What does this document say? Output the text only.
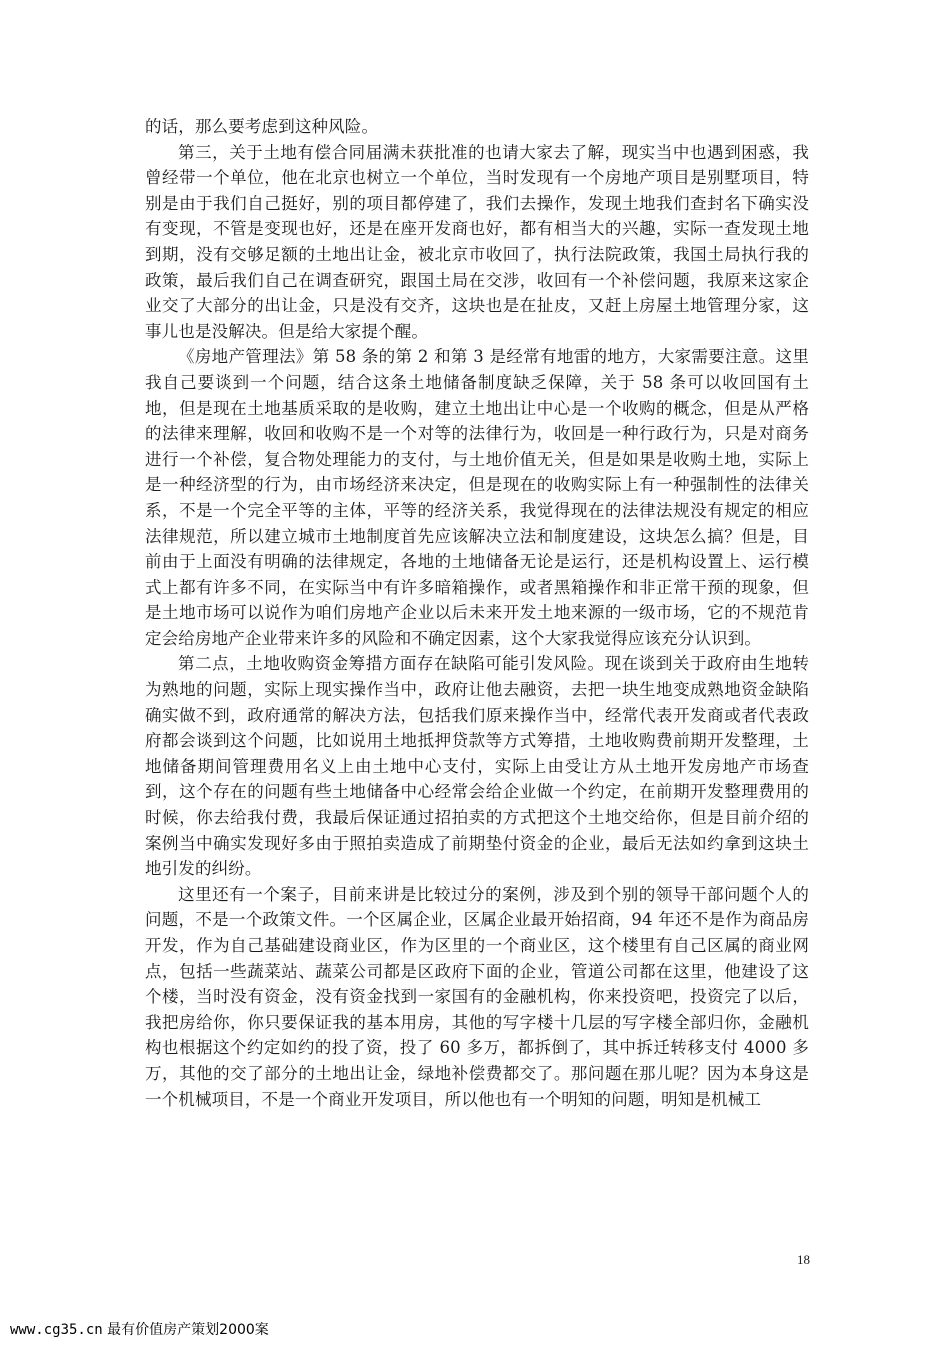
的话，那么要考虑到这种风险。

第三，关于土地有偿合同届满未获批准的也请大家去了解，现实当中也遇到困惑，我曾经带一个单位，他在北京也树立一个单位，当时发现有一个房地产项目是别墅项目，特别是由于我们自己挺好，别的项目都停建了，我们去操作，发现土地我们查封名下确实没有变现，不管是变现也好，还是在座开发商也好，都有相当大的兴趣，实际一查发现土地到期，没有交够足额的土地出让金，被北京市收回了，执行法院政策，我国土局执行我的政策，最后我们自己在调查研究，跟国土局在交涉，收回有一个补偿问题，我原来这家企业交了大部分的出让金，只是没有交齐，这块也是在扯皮，又赶上房屋土地管理分家，这事儿也是没解决。但是给大家提个醒。

《房地产管理法》第 58 条的第 2 和第 3 是经常有地雷的地方，大家需要注意。这里我自己要谈到一个问题，结合这条土地储备制度缺乏保障，关于 58 条可以收回国有土地，但是现在土地基质采取的是收购，建立土地出让中心是一个收购的概念，但是从严格的法律来理解，收回和收购不是一个对等的法律行为，收回是一种行政行为，只是对商务进行一个补偿，复合物处理能力的支付，与土地价值无关，但是如果是收购土地，实际上是一种经济型的行为，由市场经济来决定，但是现在的收购实际上有一种强制性的法律关系，不是一个完全平等的主体，平等的经济关系，我觉得现在的法律法规没有规定的相应法律规范，所以建立城市土地制度首先应该解决立法和制度建设，这块怎么搞？但是，目前由于上面没有明确的法律规定，各地的土地储备无论是运行，还是机构设置上、运行模式上都有许多不同，在实际当中有许多暗箱操作，或者黑箱操作和非正常干预的现象，但是土地市场可以说作为咱们房地产企业以后未来开发土地来源的一级市场，它的不规范肯定会给房地产企业带来许多的风险和不确定因素，这个大家我觉得应该充分认识到。

第二点，土地收购资金筹措方面存在缺陷可能引发风险。现在谈到关于政府由生地转为熟地的问题，实际上现实操作当中，政府让他去融资，去把一块生地变成熟地资金缺陷确实做不到，政府通常的解决方法，包括我们原来操作当中，经常代表开发商或者代表政府都会谈到这个问题，比如说用土地抵押贷款等方式筹措，土地收购费前期开发整理，土地储备期间管理费用名义上由土地中心支付，实际上由受让方从土地开发房地产市场查到，这个存在的问题有些土地储备中心经常会给企业做一个约定，在前期开发整理费用的时候，你去给我付费，我最后保证通过招拍卖的方式把这个土地交给你，但是目前介绍的案例当中确实发现好多由于照拍卖造成了前期垫付资金的企业，最后无法如约拿到这块土地引发的纠纷。

这里还有一个案子，目前来讲是比较过分的案例，涉及到个别的领导干部问题个人的问题，不是一个政策文件。一个区属企业，区属企业最开始招商，94 年还不是作为商品房开发，作为自己基础建设商业区，作为区里的一个商业区，这个楼里有自己区属的商业网点，包括一些蔬菜站、蔬菜公司都是区政府下面的企业，管道公司都在这里，他建设了这个楼，当时没有资金，没有资金找到一家国有的金融机构，你来投资吧，投资完了以后， 我把房给你，你只要保证我的基本用房，其他的写字楼十几层的写字楼全部归你，金融机构也根据这个约定如约的投了资，投了 60 多万，都拆倒了，其中拆迁转移支付 4000 多万，其他的交了部分的土地出让金，绿地补偿费都交了。那问题在那儿呢？因为本身这是一个机械项目，不是一个商业开发项目，所以他也有一个明知的问题，明知是机械工

18
www.cg35.cn 最有价值房产策划2000案
